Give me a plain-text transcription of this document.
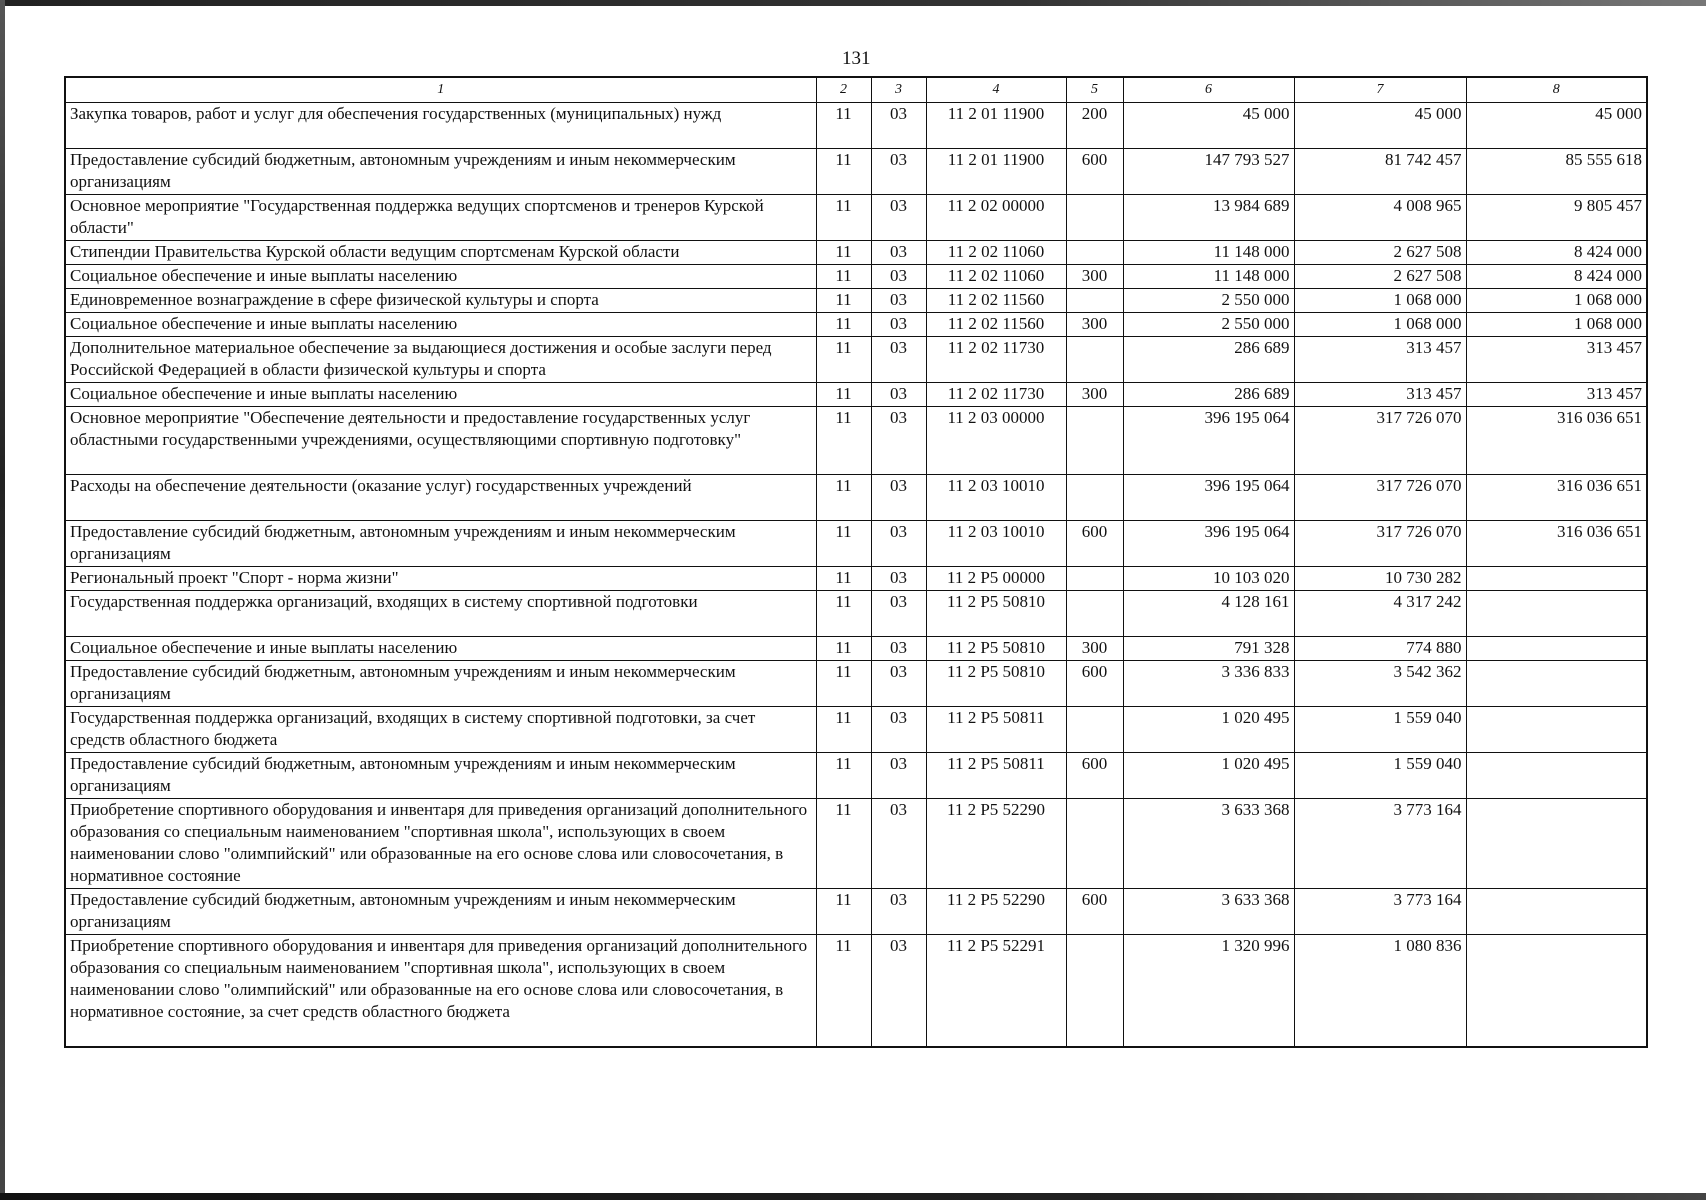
131
1	2	3	4	5	6	7	8
Закупка товаров, работ и услуг для обеспечения государственных (муниципальных) нужд	11	03	11 2 01 11900	200	45 000	45 000	45 000
Предоставление субсидий бюджетным, автономным учреждениям и иным некоммерческим организациям	11	03	11 2 01 11900	600	147 793 527	81 742 457	85 555 618
Основное мероприятие "Государственная поддержка ведущих спортсменов и тренеров Курской области"	11	03	11 2 02 00000		13 984 689	4 008 965	9 805 457
Стипендии Правительства Курской области ведущим спортсменам Курской области	11	03	11 2 02 11060		11 148 000	2 627 508	8 424 000
Социальное обеспечение и иные выплаты населению	11	03	11 2 02 11060	300	11 148 000	2 627 508	8 424 000
Единовременное вознаграждение в сфере физической культуры и спорта	11	03	11 2 02 11560		2 550 000	1 068 000	1 068 000
Социальное обеспечение и иные выплаты населению	11	03	11 2 02 11560	300	2 550 000	1 068 000	1 068 000
Дополнительное материальное обеспечение за выдающиеся достижения и особые заслуги перед Российской Федерацией в области физической культуры и спорта	11	03	11 2 02 11730		286 689	313 457	313 457
Социальное обеспечение и иные выплаты населению	11	03	11 2 02 11730	300	286 689	313 457	313 457
Основное мероприятие "Обеспечение деятельности и предоставление государственных услуг областными государственными учреждениями, осуществляющими спортивную подготовку"	11	03	11 2 03 00000		396 195 064	317 726 070	316 036 651
Расходы на обеспечение деятельности (оказание услуг) государственных учреждений	11	03	11 2 03 10010		396 195 064	317 726 070	316 036 651
Предоставление субсидий бюджетным, автономным учреждениям и иным некоммерческим организациям	11	03	11 2 03 10010	600	396 195 064	317 726 070	316 036 651
Региональный проект "Спорт - норма жизни"	11	03	11 2 P5 00000		10 103 020	10 730 282	
Государственная поддержка организаций, входящих в систему спортивной подготовки	11	03	11 2 P5 50810		4 128 161	4 317 242	
Социальное обеспечение и иные выплаты населению	11	03	11 2 P5 50810	300	791 328	774 880	
Предоставление субсидий бюджетным, автономным учреждениям и иным некоммерческим организациям	11	03	11 2 P5 50810	600	3 336 833	3 542 362	
Государственная поддержка организаций, входящих в систему спортивной подготовки, за счет средств областного бюджета	11	03	11 2 P5 50811		1 020 495	1 559 040	
Предоставление субсидий бюджетным, автономным учреждениям и иным некоммерческим организациям	11	03	11 2 P5 50811	600	1 020 495	1 559 040	
Приобретение спортивного оборудования и инвентаря для приведения организаций дополнительного образования со специальным наименованием "спортивная школа", использующих в своем наименовании слово "олимпийский" или образованные на его основе слова или словосочетания, в нормативное состояние	11	03	11 2 P5 52290		3 633 368	3 773 164	
Предоставление субсидий бюджетным, автономным учреждениям и иным некоммерческим организациям	11	03	11 2 P5 52290	600	3 633 368	3 773 164	
Приобретение спортивного оборудования и инвентаря для приведения организаций дополнительного образования со специальным наименованием "спортивная школа", использующих в своем наименовании слово "олимпийский" или образованные на его основе слова или словосочетания, в нормативное состояние, за счет средств областного бюджета	11	03	11 2 P5 52291		1 320 996	1 080 836	
